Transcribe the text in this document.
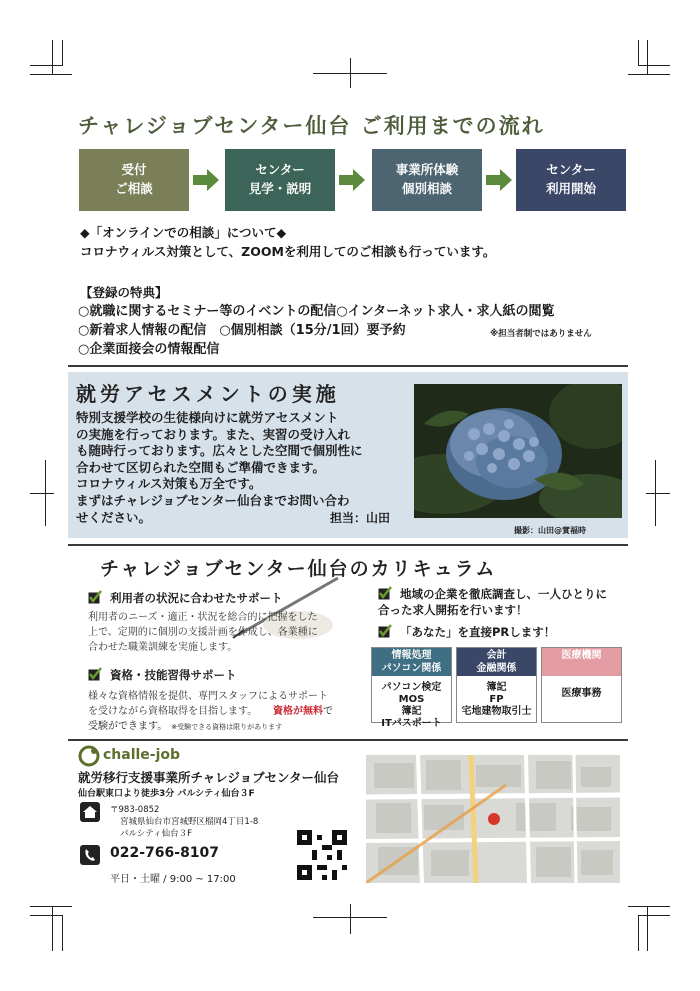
チャレジョブセンター仙台 ご利用までの流れ
受付
ご相談
センター
見学・説明
事業所体験
個別相談
センター
利用開始
◆「オンラインでの相談」について◆
コロナウィルス対策として、ZOOMを利用してのご相談も行っています。
【登録の特典】
○就職に関するセミナー等のイベントの配信○インターネット求人・求人紙の閲覧
○新着求人情報の配信　○個別相談（15分/1回）要予約	※担当者制ではありません
○企業面接会の情報配信
就労アセスメントの実施

特別支援学校の生徒様向けに就労アセスメント
の実施を行っております。また、実習の受け入れ
も随時行っております。広々とした空間で個別性に
合わせて区切られた空間もご準備できます。
コロナウィルス対策も万全です。
まずはチャレジョブセンター仙台までお問い合わ
せください。	担当：山田
撮影：山田@實福時
チャレジョブセンター仙台のカリキュラム
利用者の状況に合わせたサポート
利用者のニーズ・適正・状況を総合的に把握をした
上で、定期的に個別の支援計画を作成し、各業種に
合わせた職業訓練を実施します。
資格・技能習得サポート
様々な資格情報を提供、専門スタッフによるサポート
を受けながら資格取得を目指します。	資格が無料で
受験ができます。 ※受験できる資格は限りがあります
地域の企業を徹底調査し、一人ひとりに
合った求人開拓を行います！
「あなた」を直接PRします！
情報処理
パソコン関係
パソコン検定
MOS
簿記
ITパスポート
会計
金融関係
簿記
FP
宅地建物取引士
医療機関
医療事務
challe-job
就労移行支援事業所チャレジョブセンター仙台
仙台駅東口より徒歩3分 パルシティ仙台３F
〒983-0852
宮城県仙台市宮城野区榴岡4丁目1-8
パルシティ仙台３F
022-766-8107
平日・土曜 / 9:00 ~ 17:00
